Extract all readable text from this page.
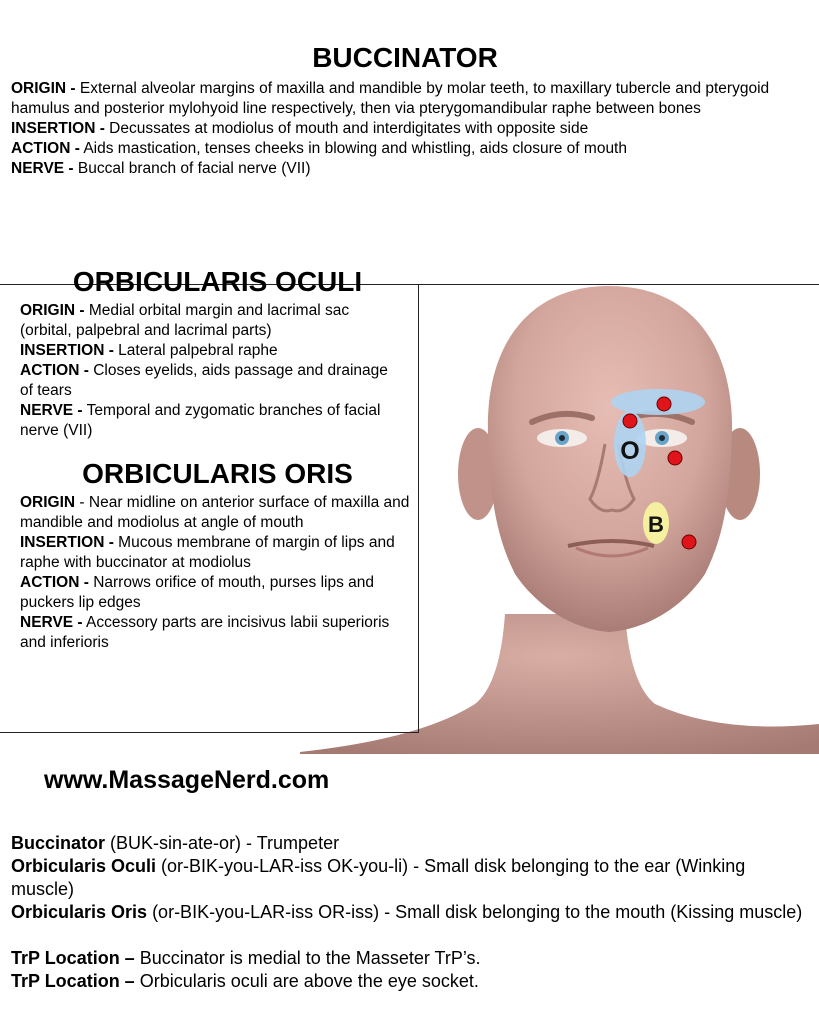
BUCCINATOR

ORIGIN - External alveolar margins of maxilla and mandible by molar teeth, to maxillary tubercle and pterygoid hamulus and posterior mylohyoid line respectively, then via pterygomandibular raphe between bones

INSERTION - Decussates at modiolus of mouth and interdigitates with opposite side

ACTION - Aids mastication, tenses cheeks in blowing and whistling, aids closure of mouth

NERVE - Buccal branch of facial nerve (VII)

O
B
ORBICULARIS OCULI

ORIGIN - Medial orbital margin and lacrimal sac (orbital, palpebral and lacrimal parts)

INSERTION - Lateral palpebral raphe

ACTION - Closes eyelids, aids passage and drainage of tears

NERVE - Temporal and zygomatic branches of facial nerve (VII)

ORBICULARIS ORIS

ORIGIN - Near midline on anterior surface of maxilla and mandible and modiolus at angle of mouth

INSERTION - Mucous membrane of margin of lips and raphe with buccinator at modiolus

ACTION - Narrows orifice of mouth, purses lips and puckers lip edges

NERVE - Accessory parts are incisivus labii superioris and inferioris

www.MassageNerd.com

Buccinator (BUK-sin-ate-or) - Trumpeter

Orbicularis Oculi (or-BIK-you-LAR-iss OK-you-li) - Small disk belonging to the ear (Winking muscle)

Orbicularis Oris (or-BIK-you-LAR-iss OR-iss) - Small disk belonging to the mouth (Kissing muscle)

TrP Location – Buccinator is medial to the Masseter TrP’s.

TrP Location – Orbicularis oculi are above the eye socket.
